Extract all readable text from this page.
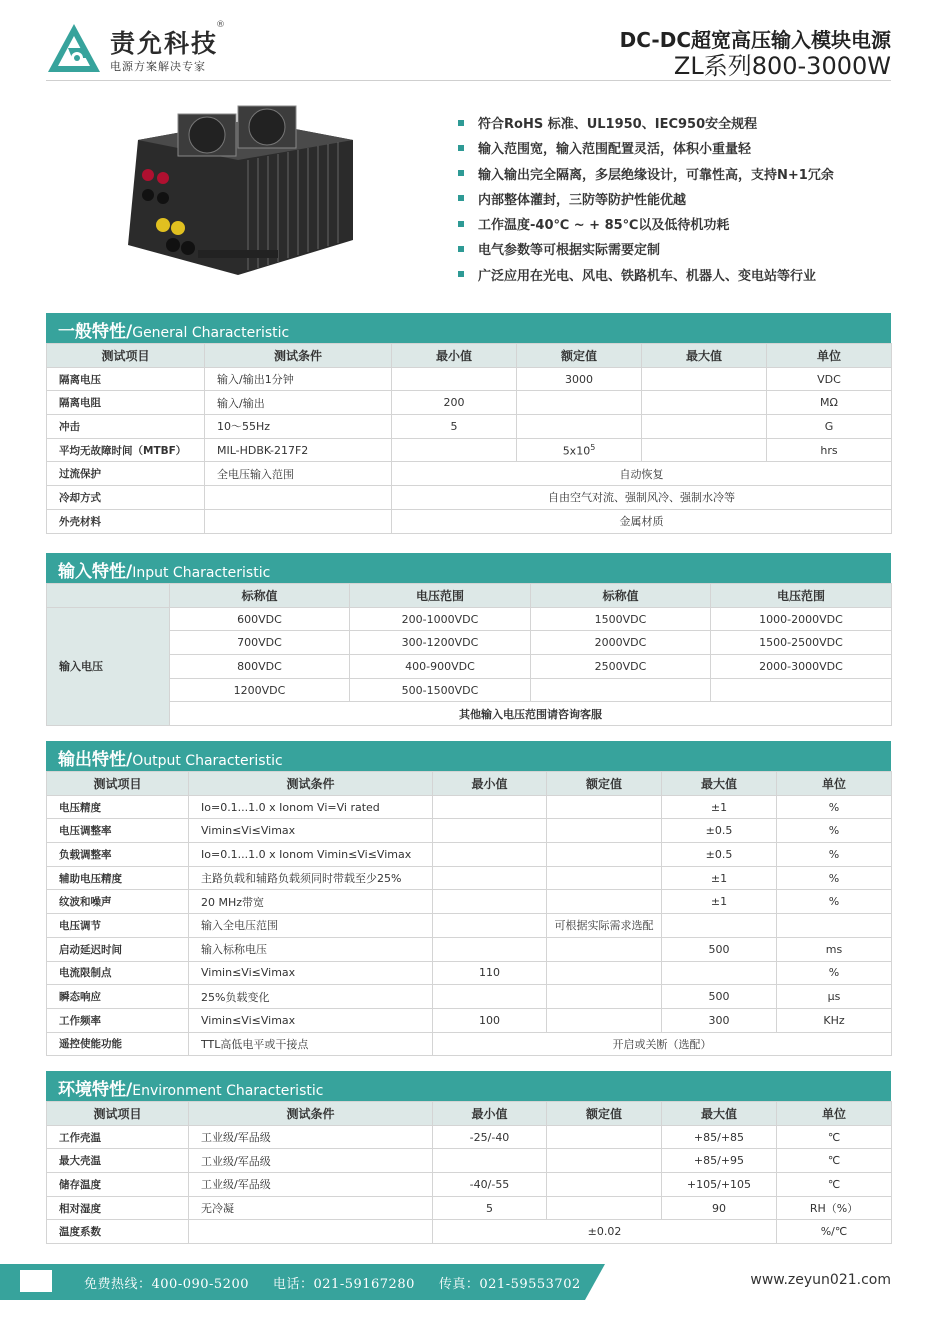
责允科技
®
电源方案解决专家
DC-DC超宽高压输入模块电源
ZL系列800-3000W
符合RoHS 标准、UL1950、IEC950安全规程
输入范围宽，输入范围配置灵活，体积小重量轻
输入输出完全隔离，多层绝缘设计，可靠性高，支持N+1冗余
内部整体灌封，三防等防护性能优越
工作温度-40℃ ~ + 85℃以及低待机功耗
电气参数等可根据实际需要定制
广泛应用在光电、风电、铁路机车、机器人、变电站等行业
一般特性/General Characteristic
测试项目	测试条件	最小值	额定值	最大值	单位
隔离电压	输入/输出1分钟		3000		VDC
隔离电阻	输入/输出	200			MΩ
冲击	10～55Hz	5			G
平均无故障时间（MTBF）	MIL-HDBK-217F2		$5x10^5$		hrs
过流保护	全电压输入范围	自动恢复			
冷却方式		自由空气对流、强制风冷、强制水冷等			
外壳材料		金属材质			
输入特性/Input Characteristic
	标称值	电压范围	标称值	电压范围
输入电压	600VDC	200-1000VDC	1500VDC	1000-2000VDC
	700VDC	300-1200VDC	2000VDC	1500-2500VDC
	800VDC	400-900VDC	2500VDC	2000-3000VDC
	1200VDC	500-1500VDC		
	其他输入电压范围请咨询客服			
输出特性/Output Characteristic
测试项目	测试条件	最小值	额定值	最大值	单位
电压精度	Io=0.1...1.0 x Ionom Vi=Vi rated			±1	%
电压调整率	Vimin≤Vi≤Vimax			±0.5	%
负载调整率	Io=0.1...1.0 x Ionom Vimin≤Vi≤Vimax			±0.5	%
辅助电压精度	主路负载和辅路负载须同时带载至少25%			±1	%
纹波和噪声	20 MHz带宽			±1	%
电压调节	输入全电压范围		可根据实际需求选配		
启动延迟时间	输入标称电压			500	ms
电流限制点	Vimin≤Vi≤Vimax	110			%
瞬态响应	25%负载变化			500	μs
工作频率	Vimin≤Vi≤Vimax	100		300	KHz
遥控使能功能	TTL高低电平或干接点	开启或关断（选配）			
环境特性/Environment Characteristic
测试项目	测试条件	最小值	额定值	最大值	单位
工作壳温	工业级/军品级	-25/-40		+85/+85	℃
最大壳温	工业级/军品级			+85/+95	℃
储存温度	工业级/军品级	-40/-55		+105/+105	℃
相对湿度	无冷凝	5		90	RH（%）
温度系数		±0.02			%/℃
免费热线：400-090-5200 电话：021-59167280 传真：021-59553702	www.zeyun021.com
